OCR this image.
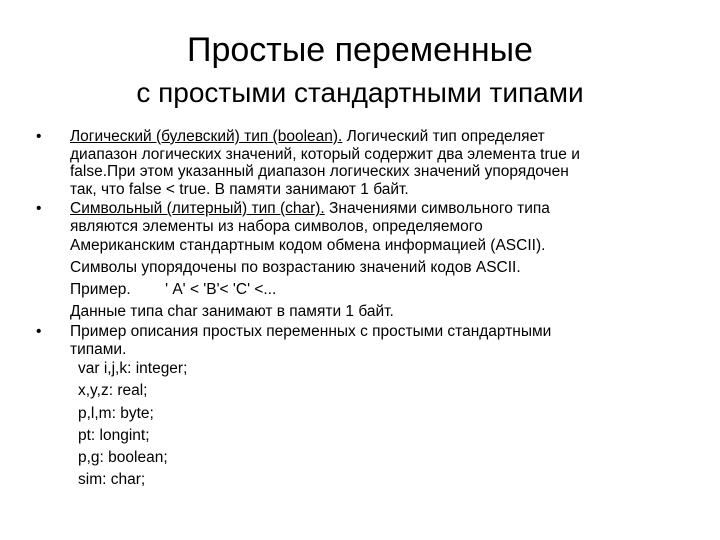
Простые переменные
с простыми стандартными типами
•	Логический (булевский) тип (boolean). Логический тип определяет
диапазон логических значений, который содержит два элемента true и
false.При этом указанный диапазон логических значений упорядочен
так, что false < true. В памяти занимают 1 байт.
•	Символьный (литерный) тип (char). Значениями символьного типа
являются элементы из набора символов, определяемого
Американским стандартным кодом обмена информацией (ASCII).
Символы упорядочены по возрастанию значений кодов ASCII.
Пример.        ' A' < 'B'< 'C' <...
Данные типа char занимают в памяти 1 байт.
•	Пример описания простых переменных с простыми стандартными
типами.
var i,j,k: integer;
x,y,z: real;
p,l,m: byte;
pt: longint;
p,g: boolean;
sim: char;
